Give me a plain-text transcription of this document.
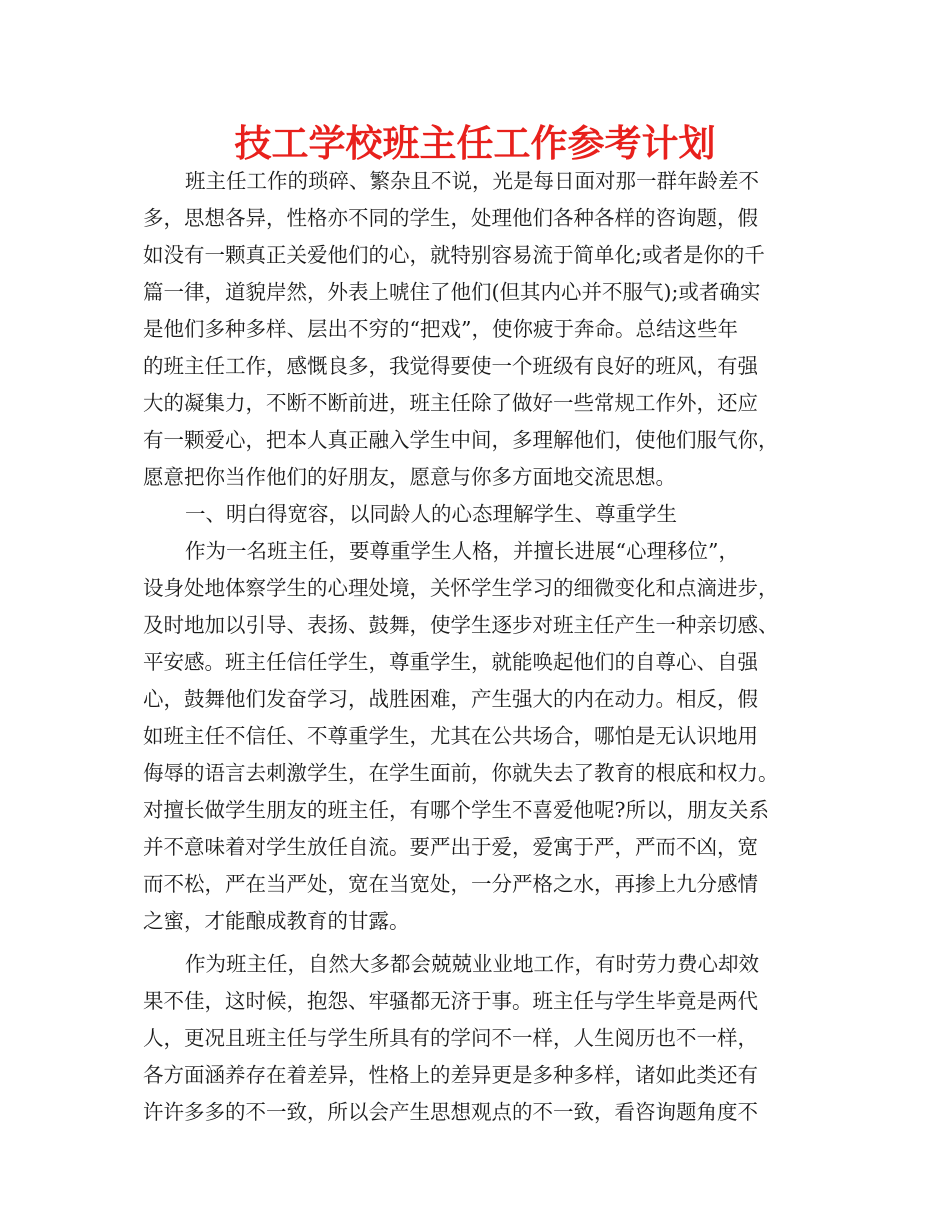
技工学校班主任工作参考计划

班主任工作的琐碎、繁杂且不说，光是每日面对那一群年龄差不

多，思想各异，性格亦不同的学生，处理他们各种各样的咨询题，假

如没有一颗真正关爱他们的心，就特别容易流于简单化;或者是你的千

篇一律，道貌岸然，外表上唬住了他们(但其内心并不服气);或者确实

是他们多种多样、层出不穷的“把戏”，使你疲于奔命。总结这些年

的班主任工作，感慨良多，我觉得要使一个班级有良好的班风，有强

大的凝集力，不断不断前进，班主任除了做好一些常规工作外，还应

有一颗爱心，把本人真正融入学生中间，多理解他们，使他们服气你，

愿意把你当作他们的好朋友，愿意与你多方面地交流思想。

一、明白得宽容，以同龄人的心态理解学生、尊重学生

作为一名班主任，要尊重学生人格，并擅长进展“心理移位”，

设身处地体察学生的心理处境，关怀学生学习的细微变化和点滴进步，

及时地加以引导、表扬、鼓舞，使学生逐步对班主任产生一种亲切感、

平安感。班主任信任学生，尊重学生，就能唤起他们的自尊心、自强

心，鼓舞他们发奋学习，战胜困难，产生强大的内在动力。相反，假

如班主任不信任、不尊重学生，尤其在公共场合，哪怕是无认识地用

侮辱的语言去刺激学生，在学生面前，你就失去了教育的根底和权力。

对擅长做学生朋友的班主任，有哪个学生不喜爱他呢?所以，朋友关系

并不意味着对学生放任自流。要严出于爱，爱寓于严，严而不凶，宽

而不松，严在当严处，宽在当宽处，一分严格之水，再掺上九分感情

之蜜，才能酿成教育的甘露。

作为班主任，自然大多都会兢兢业业地工作，有时劳力费心却效

果不佳，这时候，抱怨、牢骚都无济于事。班主任与学生毕竟是两代

人，更况且班主任与学生所具有的学问不一样，人生阅历也不一样，

各方面涵养存在着差异，性格上的差异更是多种多样，诸如此类还有

许许多多的不一致，所以会产生思想观点的不一致，看咨询题角度不
